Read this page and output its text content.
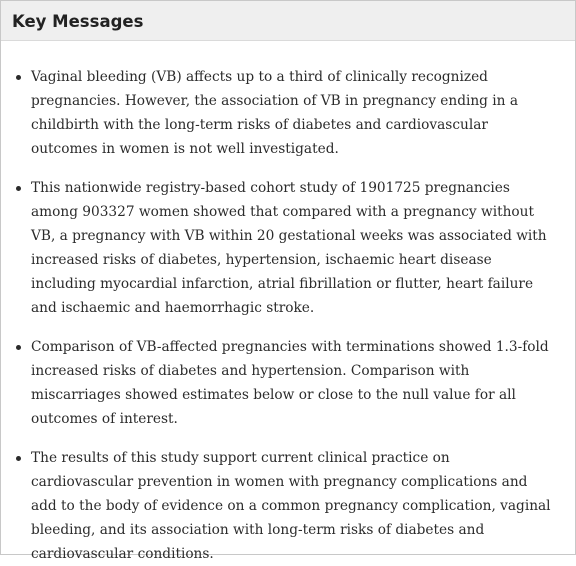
Key Messages
Vaginal bleeding (VB) affects up to a third of clinically recognized pregnancies. However, the association of VB in pregnancy ending in a childbirth with the long-term risks of diabetes and cardiovascular outcomes in women is not well investigated.
This nationwide registry-based cohort study of 1901725 pregnancies among 903327 women showed that compared with a pregnancy without VB, a pregnancy with VB within 20 gestational weeks was associated with increased risks of diabetes, hypertension, ischaemic heart disease including myocardial infarction, atrial fibrillation or flutter, heart failure and ischaemic and haemorrhagic stroke.
Comparison of VB-affected pregnancies with terminations showed 1.3-fold increased risks of diabetes and hypertension. Comparison with miscarriages showed estimates below or close to the null value for all outcomes of interest.
The results of this study support current clinical practice on cardiovascular prevention in women with pregnancy complications and add to the body of evidence on a common pregnancy complication, vaginal bleeding, and its association with long-term risks of diabetes and cardiovascular conditions.
